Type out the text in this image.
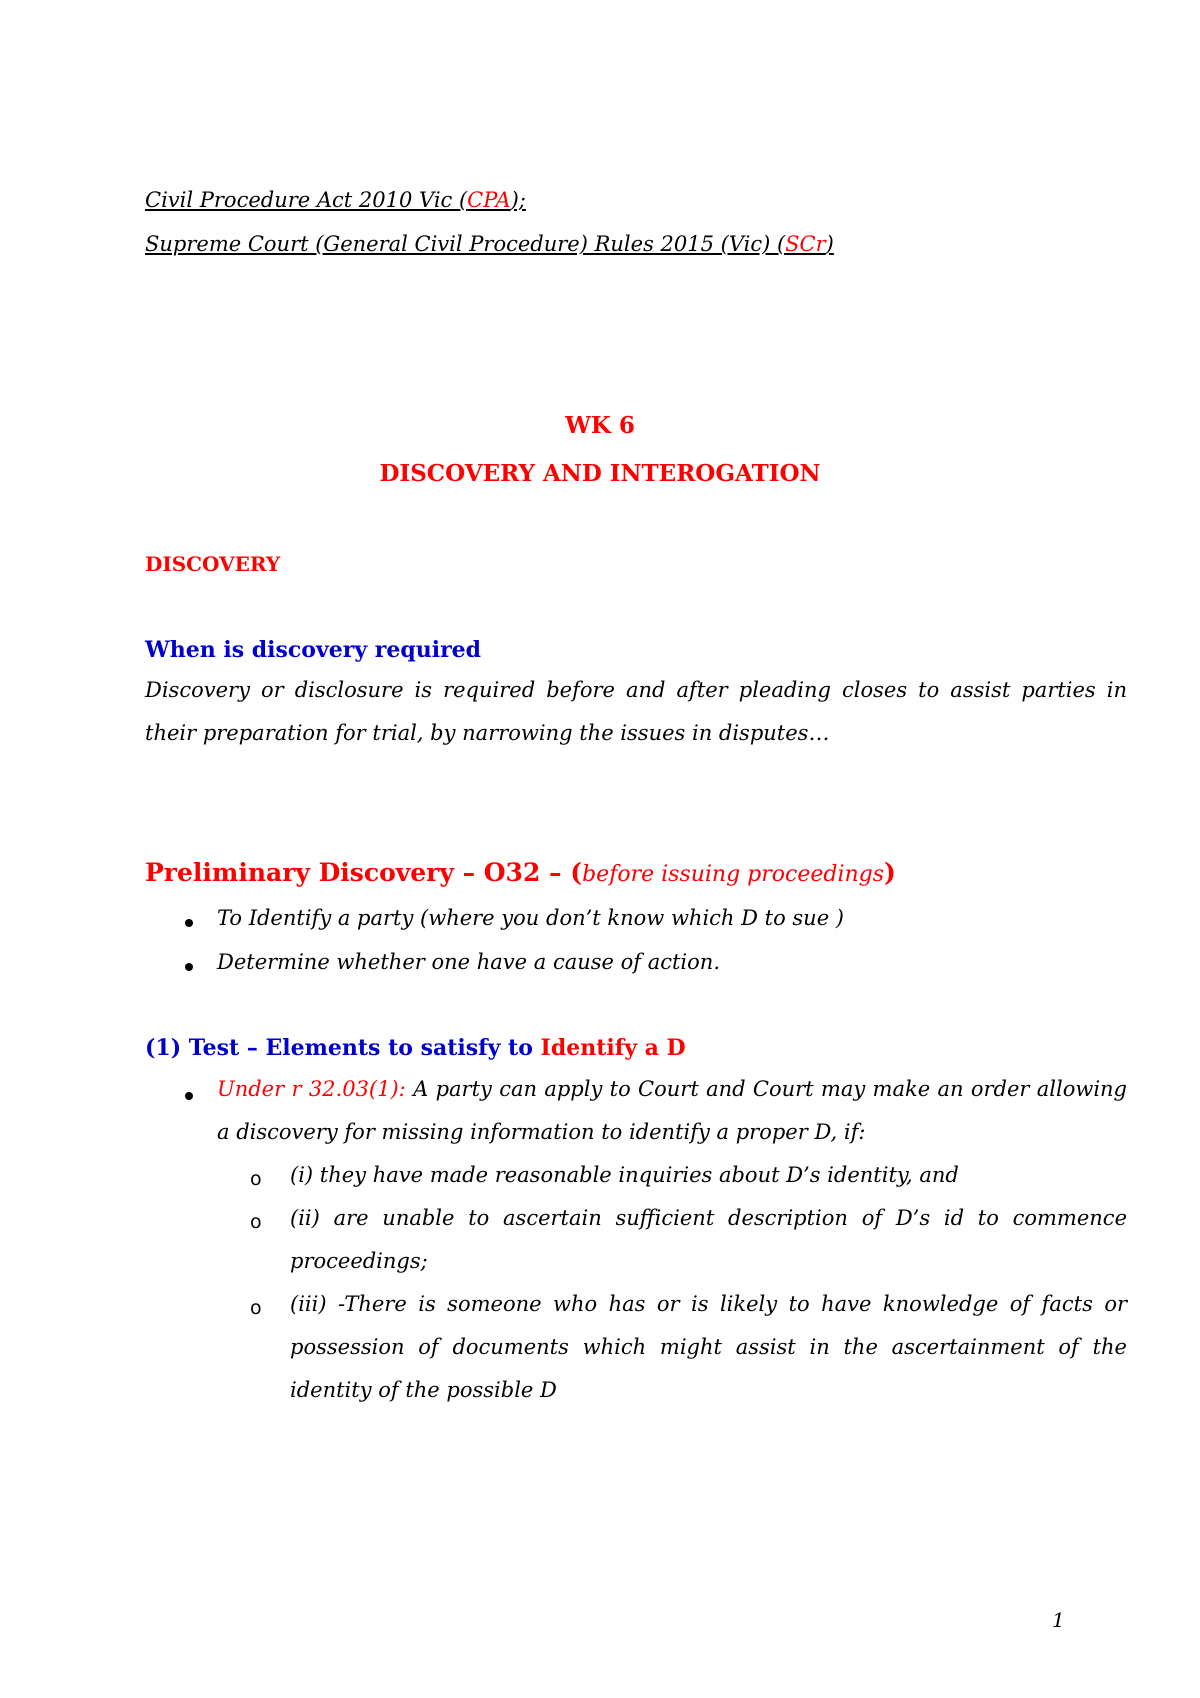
Civil Procedure Act 2010 Vic (CPA);
Supreme Court (General Civil Procedure) Rules 2015 (Vic) (SCr)
WK 6
DISCOVERY AND INTEROGATION
DISCOVERY
When is discovery required
Discovery or disclosure is required before and after pleading closes to assist parties in their preparation for trial, by narrowing the issues in disputes…
Preliminary Discovery – O32 – (before issuing proceedings)
To Identify a party (where you don’t know which D to sue )
Determine whether one have a cause of action.
(1) Test – Elements to satisfy to Identify a D
Under r 32.03(1): A party can apply to Court and Court may make an order allowing a discovery for missing information to identify a proper D, if:
o (i) they have made reasonable inquiries about D’s identity, and
o (ii) are unable to ascertain sufficient description of D’s id to commence proceedings;
o (iii) -There is someone who has or is likely to have knowledge of facts or possession of documents which might assist in the ascertainment of the identity of the possible D
1
